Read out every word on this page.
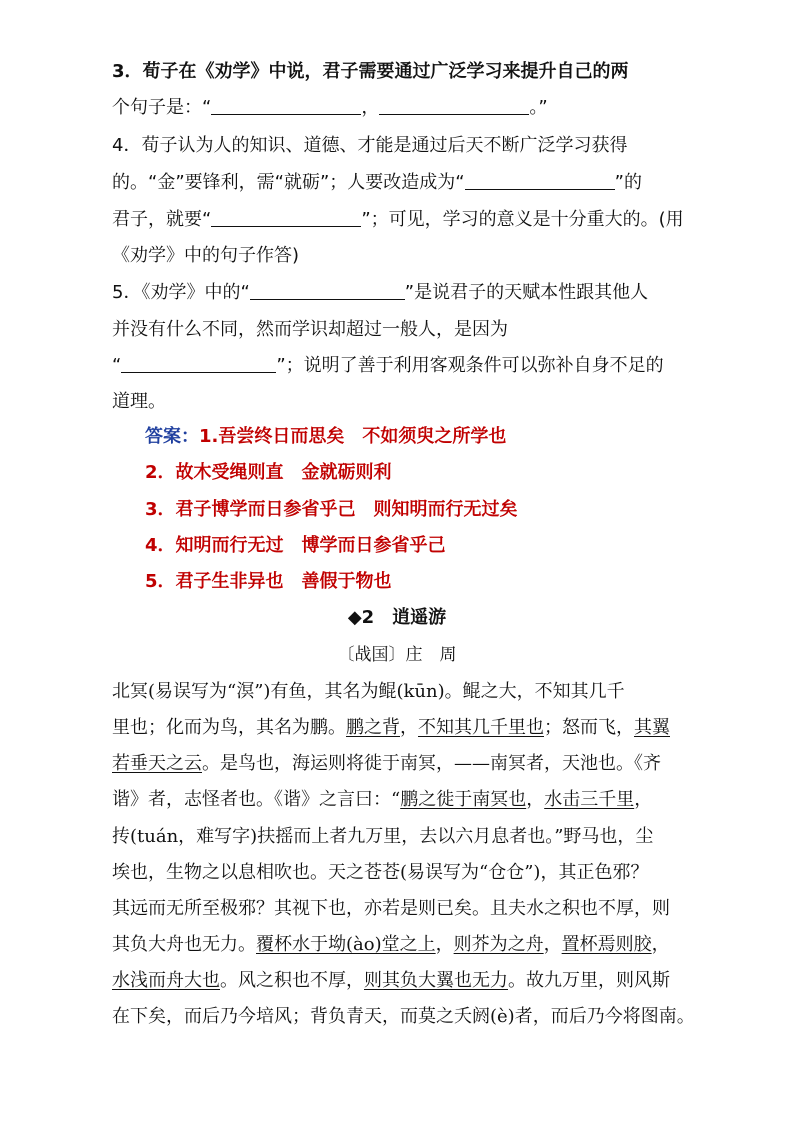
3．荀子在《劝学》中说，君子需要通过广泛学习来提升自己的两

个句子是：“	，	。”

4．荀子认为人的知识、道德、才能是通过后天不断广泛学习获得

的。“金”要锋利，需“就砺”；人要改造成为“	”的

君子，就要“	”；可见，学习的意义是十分重大的。(用

《劝学》中的句子作答)

5．《劝学》中的“	”是说君子的天赋本性跟其他人

并没有什么不同，然而学识却超过一般人，是因为

“	”；说明了善于利用客观条件可以弥补自身不足的

道理。

答案：1.吾尝终日而思矣 不如须臾之所学也

2．故木受绳则直 金就砺则利

3．君子博学而日参省乎己 则知明而行无过矣

4．知明而行无过 博学而日参省乎己

5．君子生非异也 善假于物也

◆2 逍遥游

〔战国〕庄　周

北冥(易误写为“溟”)有鱼，其名为鲲(kūn)。鲲之大，不知其几千

里也；化而为鸟，其名为鹏。鹏之背，不知其几千里也；怒而飞，其翼

若垂天之云。是鸟也，海运则将徙于南冥，——南冥者，天池也。《齐

谐》者，志怪者也。《谐》之言曰：“鹏之徙于南冥也，水击三千里，

抟(tuán，难写字)扶摇而上者九万里，去以六月息者也。”野马也，尘

埃也，生物之以息相吹也。天之苍苍(易误写为“仓仓”)，其正色邪？

其远而无所至极邪？其视下也，亦若是则已矣。且夫水之积也不厚，则

其负大舟也无力。覆杯水于坳(ào)堂之上，则芥为之舟，置杯焉则胶，

水浅而舟大也。风之积也不厚，则其负大翼也无力。故九万里，则风斯

在下矣，而后乃今培风；背负青天，而莫之夭阏(è)者，而后乃今将图南。
